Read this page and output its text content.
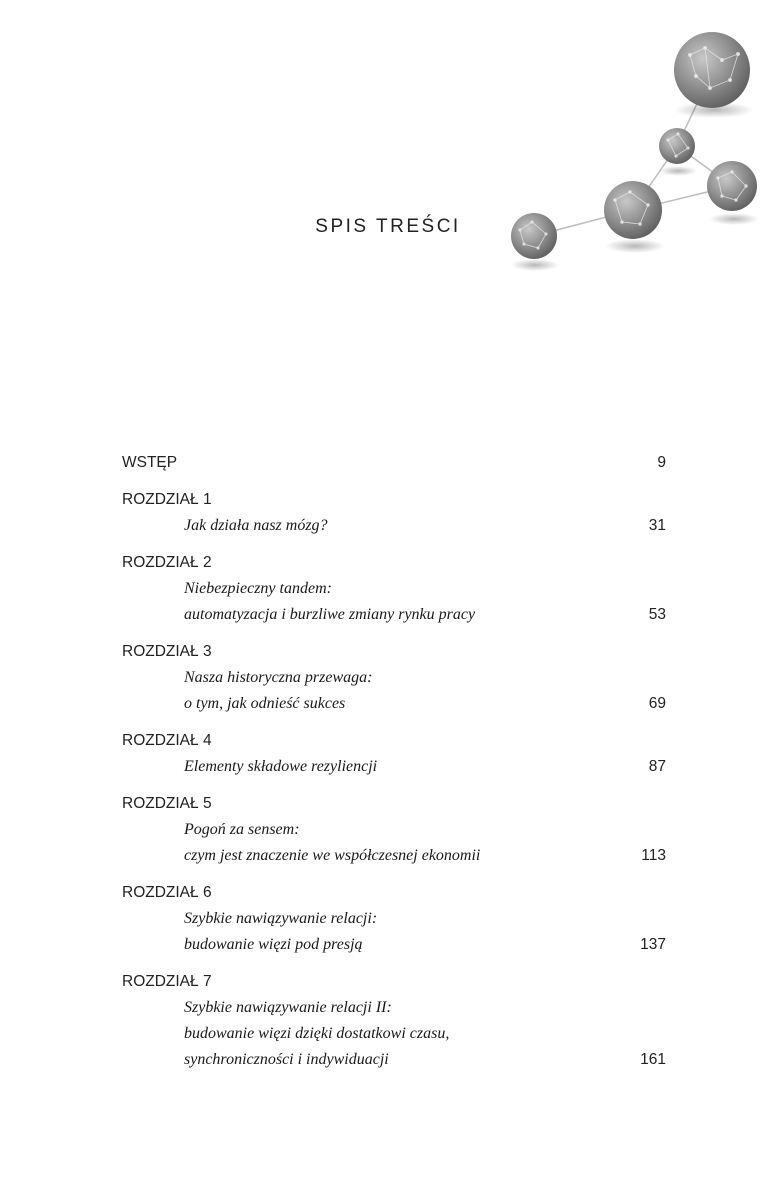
SPIS TREŚCI
WSTĘP	9
ROZDZIAŁ 1
Jak działa nasz mózg?	31
ROZDZIAŁ 2
Niebezpieczny tandem:
automatyzacja i burzliwe zmiany rynku pracy	53
ROZDZIAŁ 3
Nasza historyczna przewaga:
o tym, jak odnieść sukces	69
ROZDZIAŁ 4
Elementy składowe rezyliencji	87
ROZDZIAŁ 5
Pogoń za sensem:
czym jest znaczenie we współczesnej ekonomii	113
ROZDZIAŁ 6
Szybkie nawiązywanie relacji:
budowanie więzi pod presją	137
ROZDZIAŁ 7
Szybkie nawiązywanie relacji II:
budowanie więzi dzięki dostatkowi czasu,
synchroniczności i indywiduacji	161
